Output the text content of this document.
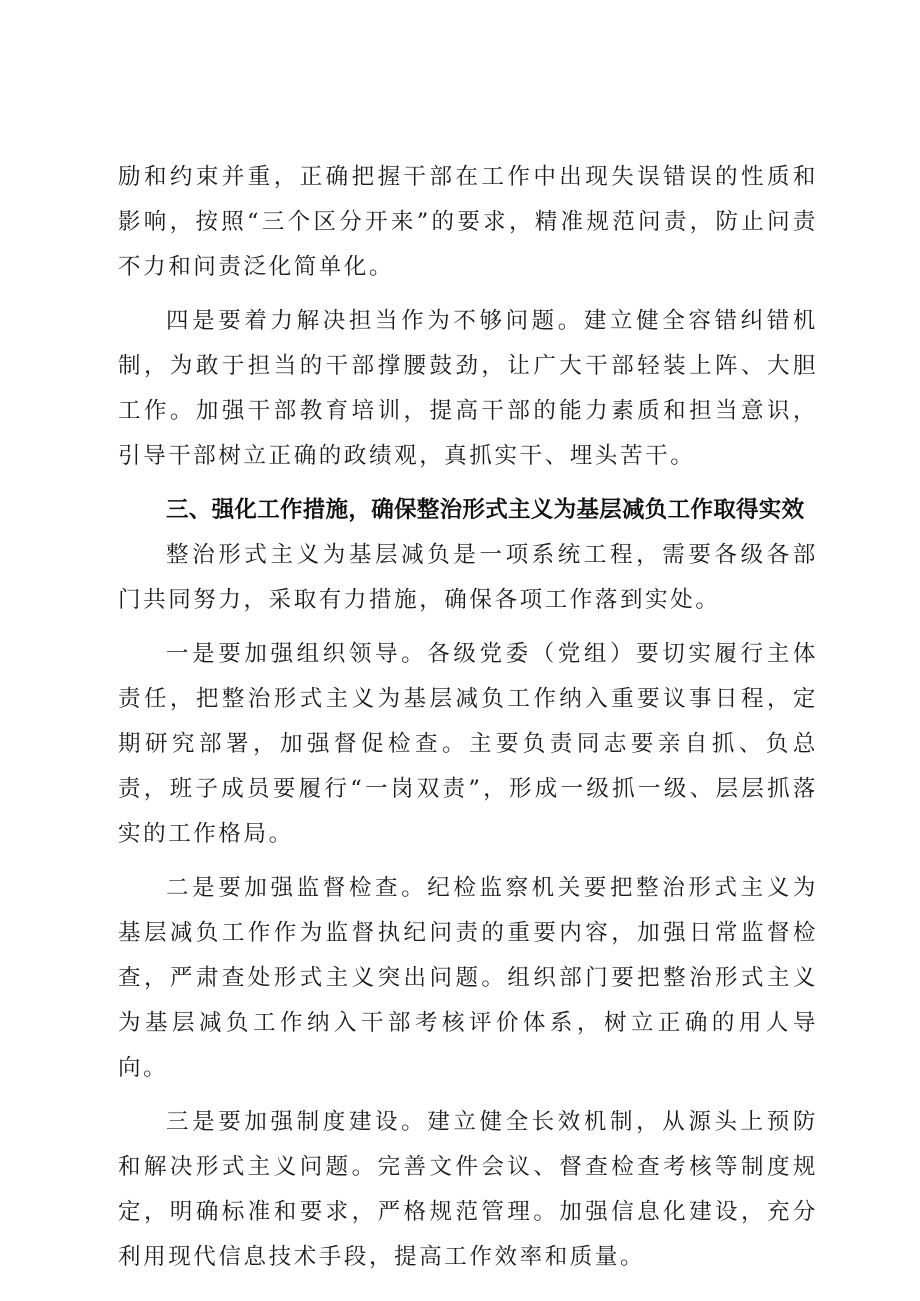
励和约束并重，正确把握干部在工作中出现失误错误的性质和影响，按照“三个区分开来”的要求，精准规范问责，防止问责不力和问责泛化简单化。

四是要着力解决担当作为不够问题。建立健全容错纠错机制，为敢于担当的干部撑腰鼓劲，让广大干部轻装上阵、大胆工作。加强干部教育培训，提高干部的能力素质和担当意识，引导干部树立正确的政绩观，真抓实干、埋头苦干。

三、强化工作措施，确保整治形式主义为基层减负工作取得实效

整治形式主义为基层减负是一项系统工程，需要各级各部门共同努力，采取有力措施，确保各项工作落到实处。

一是要加强组织领导。各级党委（党组）要切实履行主体责任，把整治形式主义为基层减负工作纳入重要议事日程，定期研究部署，加强督促检查。主要负责同志要亲自抓、负总责，班子成员要履行“一岗双责”，形成一级抓一级、层层抓落实的工作格局。

二是要加强监督检查。纪检监察机关要把整治形式主义为基层减负工作作为监督执纪问责的重要内容，加强日常监督检查，严肃查处形式主义突出问题。组织部门要把整治形式主义为基层减负工作纳入干部考核评价体系，树立正确的用人导向。

三是要加强制度建设。建立健全长效机制，从源头上预防和解决形式主义问题。完善文件会议、督查检查考核等制度规定，明确标准和要求，严格规范管理。加强信息化建设，充分利用现代信息技术手段，提高工作效率和质量。
